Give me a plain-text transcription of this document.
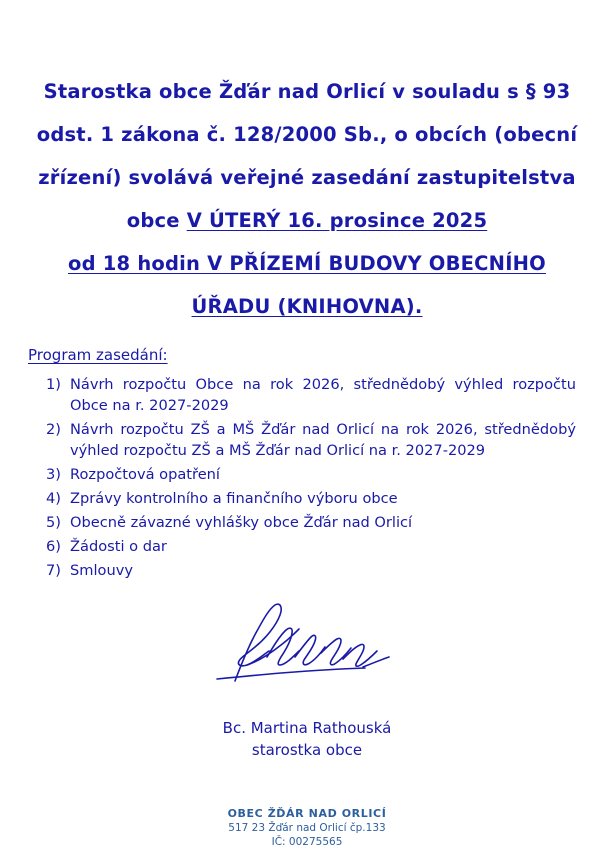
Starostka obce Žďár nad Orlicí v souladu s § 93
odst. 1 zákona č. 128/2000 Sb., o obcích (obecní
zřízení) svolává veřejné zasedání zastupitelstva
obce V ÚTERÝ 16. prosince 2025
od 18 hodin V PŘÍZEMÍ BUDOVY OBECNÍHO
ÚŘADU (KNIHOVNA).
Program zasedání:
1) Návrh rozpočtu Obce na rok 2026, střednědobý výhled rozpočtu Obce na r. 2027-2029
2) Návrh rozpočtu ZŠ a MŠ Žďár nad Orlicí na rok 2026, střednědobý výhled rozpočtu ZŠ a MŠ Žďár nad Orlicí na r. 2027-2029
3) Rozpočtová opatření
4) Zprávy kontrolního a finančního výboru obce
5) Obecně závazné vyhlášky obce Žďár nad Orlicí
6) Žádosti o dar
7) Smlouvy
Bc. Martina Rathouská
starostka obce
OBEC ŽĎÁR NAD ORLICÍ
517 23 Žďár nad Orlicí čp.133
IČ: 00275565
